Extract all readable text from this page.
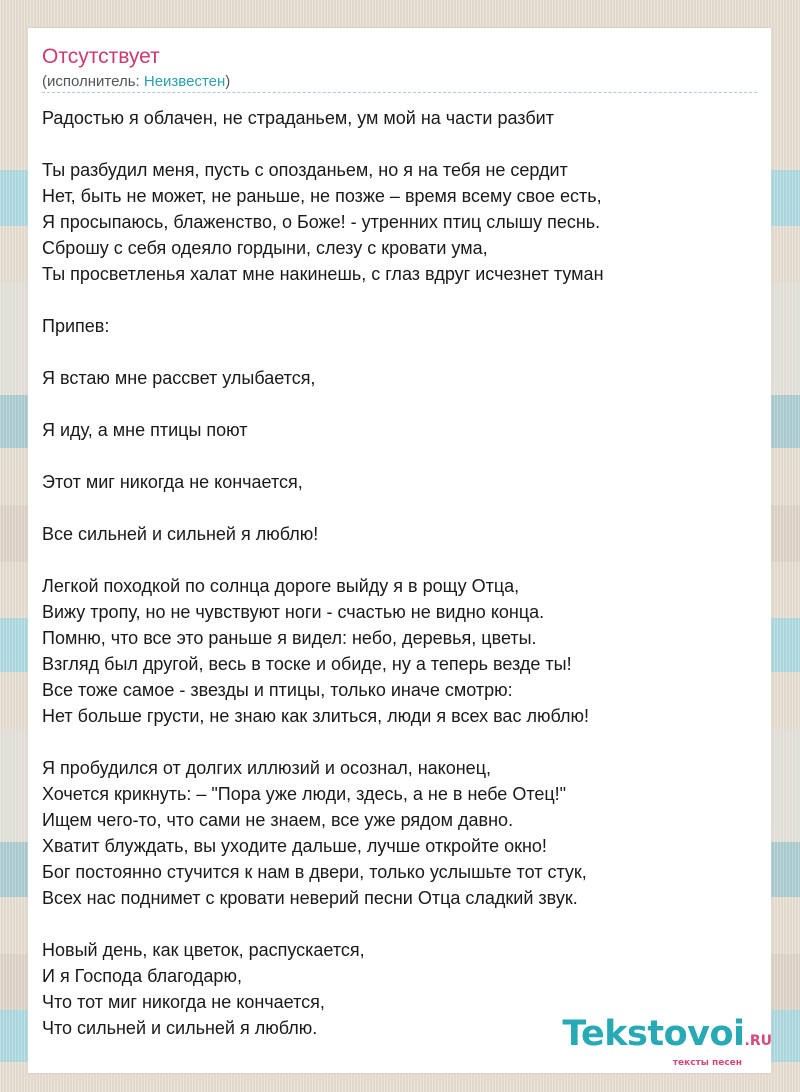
Отсутствует
(исполнитель: Неизвестен)
Радостью я облачен, не страданьем, ум мой на части разбит
Ты разбудил меня, пусть с опозданьем, но я на тебя не сердит
Нет, быть не может, не раньше, не позже – время всему свое есть,
Я просыпаюсь, блаженство, о Боже! - утренних птиц слышу песнь.
Сброшу с себя одеяло гордыни, слезу с кровати ума,
Ты просветленья халат мне накинешь, с глаз вдруг исчезнет туман
Припев:
Я встаю мне рассвет улыбается,
Я иду, а мне птицы поют
Этот миг никогда не кончается,
Все сильней и сильней я люблю!
Легкой походкой по солнца дороге выйду я в рощу Отца,
Вижу тропу, но не чувствуют ноги - счастью не видно конца.
Помню, что все это раньше я видел: небо, деревья, цветы.
Взгляд был другой, весь в тоске и обиде, ну а теперь везде ты!
Все тоже самое - звезды и птицы, только иначе смотрю:
Нет больше грусти, не знаю как злиться, люди я всех вас люблю!
Я пробудился от долгих иллюзий и осознал, наконец,
Хочется крикнуть: – "Пора уже люди, здесь, а не в небе Отец!"
Ищем чего-то, что сами не знаем, все уже рядом давно.
Хватит блуждать, вы уходите дальше, лучше откройте окно!
Бог постоянно стучится к нам в двери, только услышьте тот стук,
Всех нас поднимет с кровати неверий песни Отца сладкий звук.
Новый день, как цветок, распускается,
И я Господа благодарю,
Что тот миг никогда не кончается,
Что сильней и сильней я люблю.	Tekstovoi.RU
тексты песен
